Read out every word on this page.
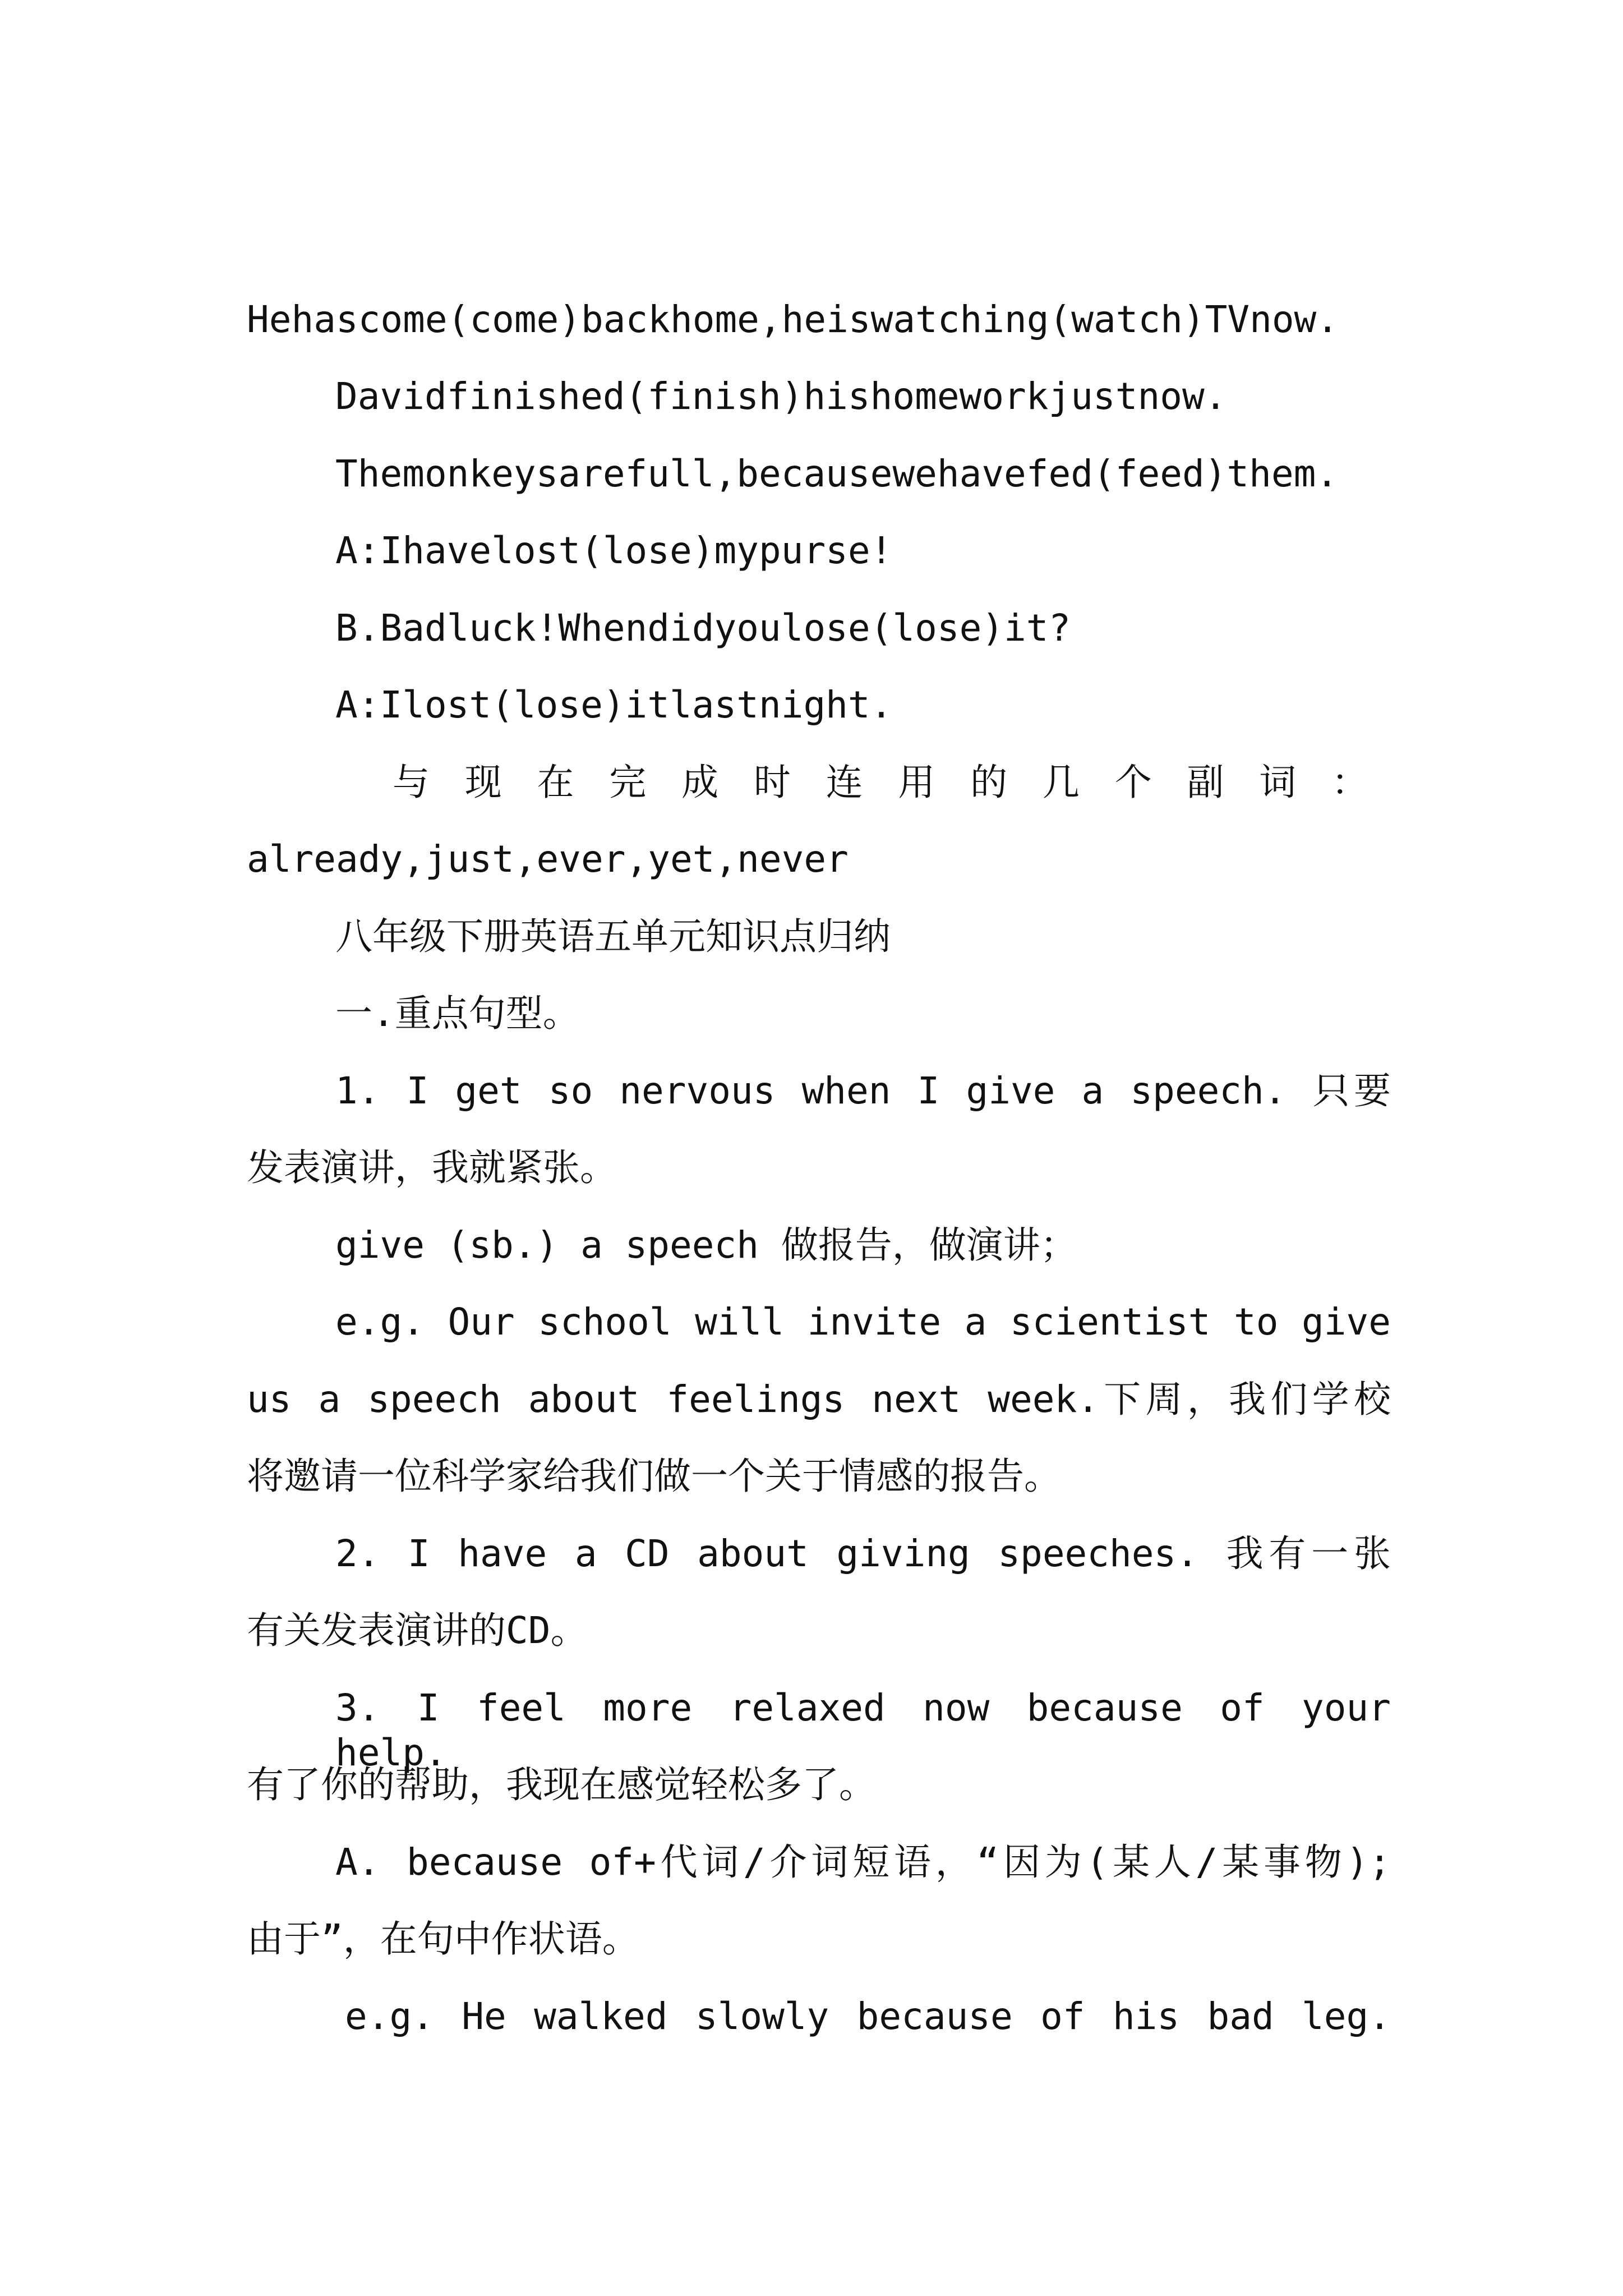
Hehascome(come)backhome,heiswatching(watch)TVnow.
Davidfinished(finish)hishomeworkjustnow.
Themonkeysarefull,becausewehavefed(feed)them.
A:Ihavelost(lose)mypurse!
B.Badluck!Whendidyoulose(lose)it?
A:Ilost(lose)itlastnight.
与现在完成时连用的几个副词：
already,just,ever,yet,never
八年级下册英语五单元知识点归纳
一.重点句型。
1. I get so nervous when I give a speech. 只要
发表演讲，我就紧张。
give (sb.) a speech 做报告，做演讲；
e.g. Our school will invite a scientist to give
us a speech about feelings next week.下周，我们学校
将邀请一位科学家给我们做一个关于情感的报告。
2. I have a CD about giving speeches. 我有一张
有关发表演讲的CD。
3. I feel more relaxed now because of your help.
有了你的帮助，我现在感觉轻松多了。
A. because of+代词/介词短语，“因为(某人/某事物);
由于”，在句中作状语。
e.g. He walked slowly because of his bad leg.
